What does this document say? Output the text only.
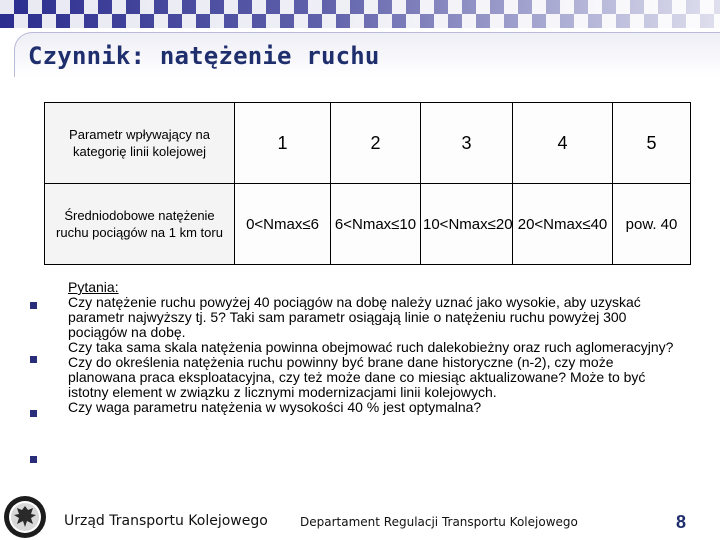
Czynnik: natężenie ruchu
Parametr wpływający na kategorię linii kolejowej	1	2	3	4	5
Średniodobowe natężenie ruchu pociągów na 1 km toru	0<Nmax≤6	6<Nmax≤10	10<Nmax≤20	20<Nmax≤40	pow. 40
Pytania:
Czy natężenie ruchu powyżej 40 pociągów na dobę należy uznać jako wysokie, aby uzyskać parametr najwyższy tj. 5? Taki sam parametr osiągają linie o natężeniu ruchu powyżej 300 pociągów na dobę.
Czy taka sama skala natężenia powinna obejmować ruch dalekobieżny oraz ruch aglomeracyjny?
Czy do określenia natężenia ruchu powinny być brane dane historyczne (n-2), czy może planowana praca eksploatacyjna, czy też może dane co miesiąc aktualizowane? Może to być istotny element w związku z licznymi modernizacjami linii kolejowych.
Czy waga parametru natężenia w wysokości 40 % jest optymalna?
Urząd Transportu Kolejowego	Departament Regulacji Transportu Kolejowego	8
